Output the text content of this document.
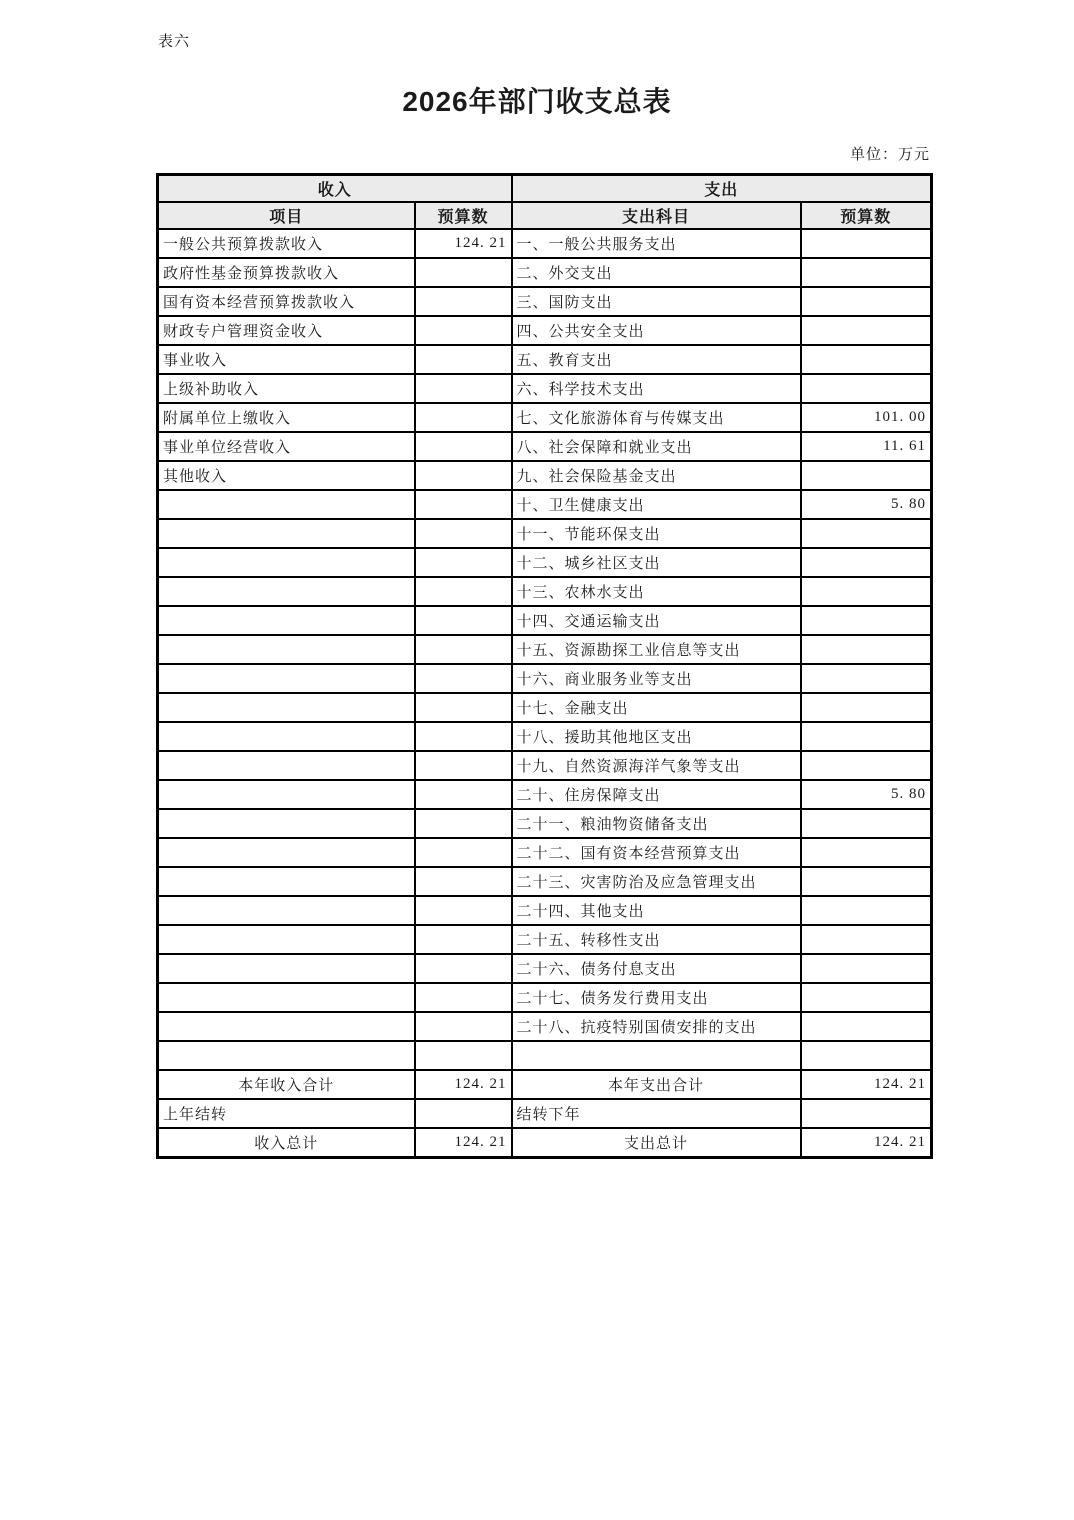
表六
2026年部门收支总表
单位：万元
收入		支出	
项目	预算数	支出科目	预算数
一般公共预算拨款收入	124. 21	一、一般公共服务支出	
政府性基金预算拨款收入		二、外交支出	
国有资本经营预算拨款收入		三、国防支出	
财政专户管理资金收入		四、公共安全支出	
事业收入		五、教育支出	
上级补助收入		六、科学技术支出	
附属单位上缴收入		七、文化旅游体育与传媒支出	101. 00
事业单位经营收入		八、社会保障和就业支出	11. 61
其他收入		九、社会保险基金支出	
		十、卫生健康支出	5. 80
		十一、节能环保支出	
		十二、城乡社区支出	
		十三、农林水支出	
		十四、交通运输支出	
		十五、资源勘探工业信息等支出	
		十六、商业服务业等支出	
		十七、金融支出	
		十八、援助其他地区支出	
		十九、自然资源海洋气象等支出	
		二十、住房保障支出	5. 80
		二十一、粮油物资储备支出	
		二十二、国有资本经营预算支出	
		二十三、灾害防治及应急管理支出	
		二十四、其他支出	
		二十五、转移性支出	
		二十六、债务付息支出	
		二十七、债务发行费用支出	
		二十八、抗疫特别国债安排的支出	

本年收入合计	124. 21	本年支出合计	124. 21
上年结转		结转下年	
收入总计	124. 21	支出总计	124. 21
